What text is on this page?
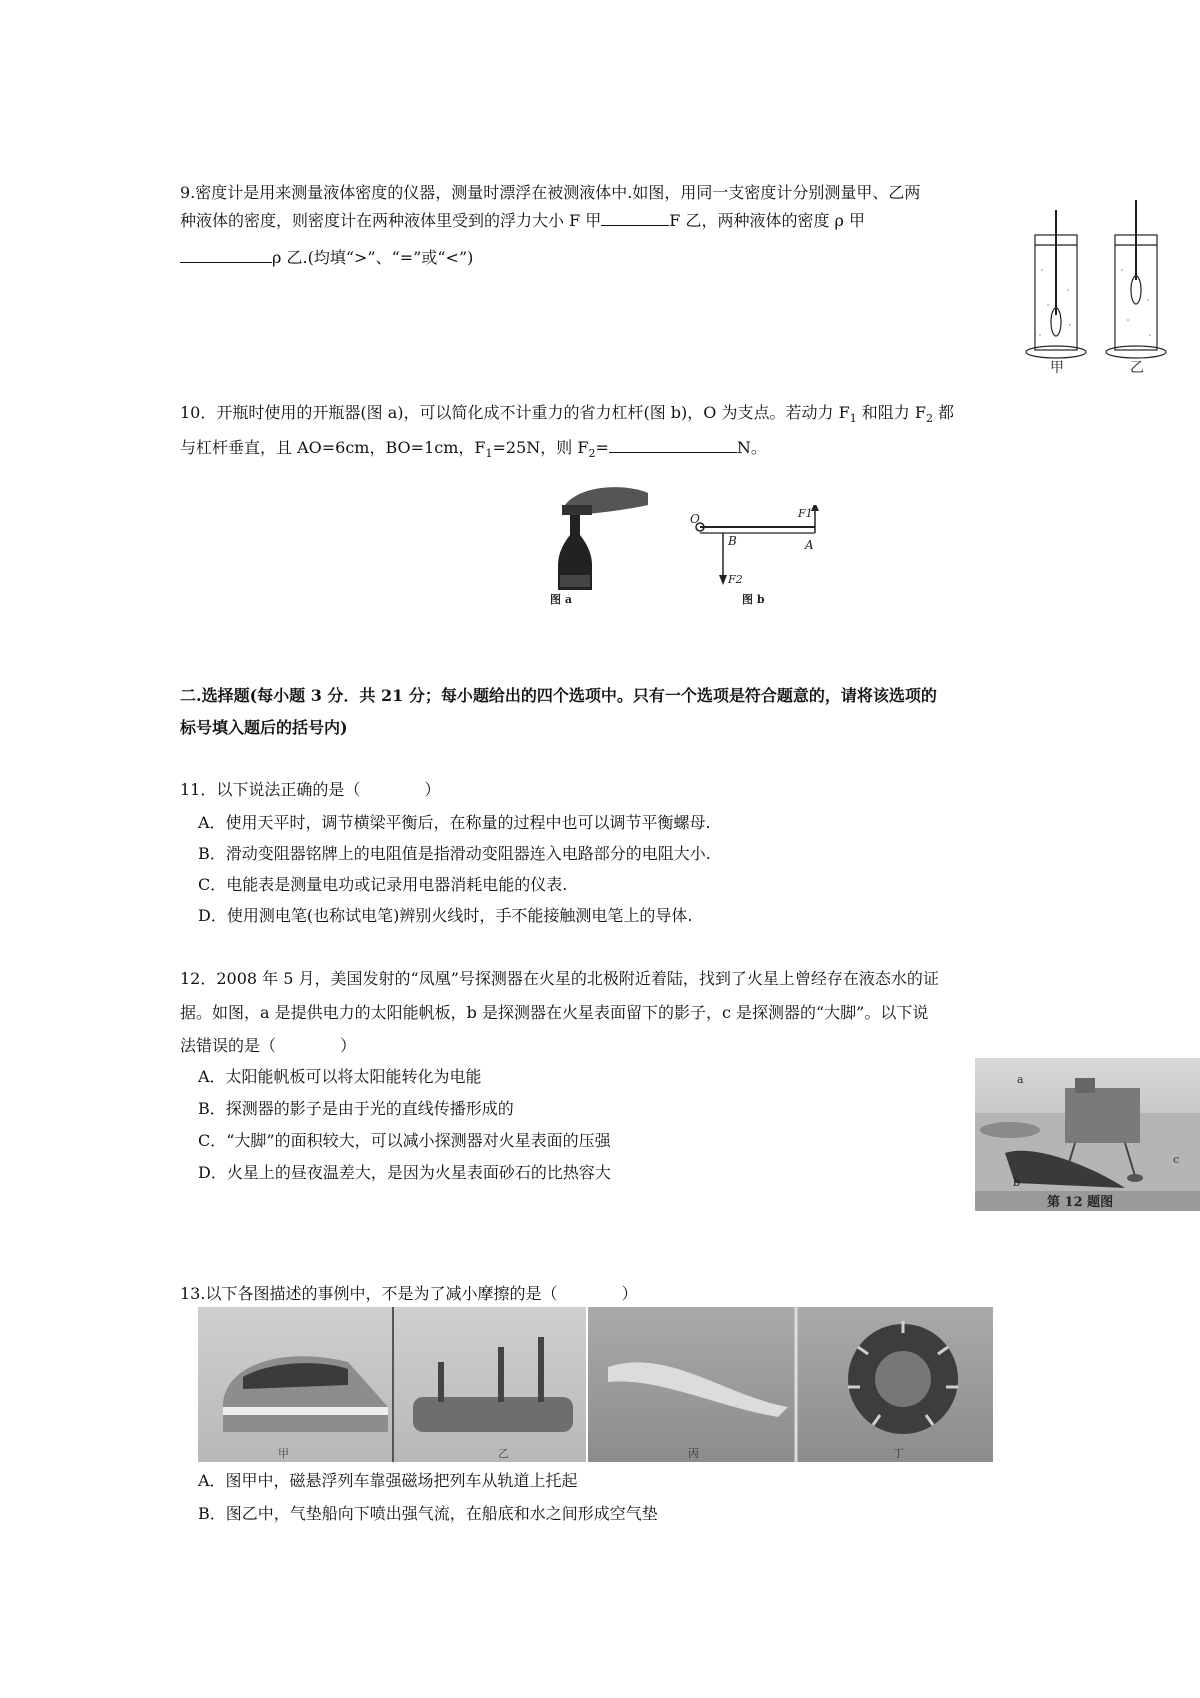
9.密度计是用来测量液体密度的仪器，测量时漂浮在被测液体中.如图，用同一支密度计分别测量甲、乙两
种液体的密度，则密度计在两种液体里受到的浮力大小 F 甲	F 乙，两种液体的密度 ρ 甲
ρ 乙.(均填“>”、“=”或“<”)
甲	乙
10．开瓶时使用的开瓶器(图 a)，可以简化成不计重力的省力杠杆(图 b)，O 为支点。若动力 $F_1$ 和阻力 $F_2$ 都
与杠杆垂直，且 AO=6cm，BO=1cm，$F_1=25N$，则 $F_2=$	N。
图 a
O
B
F2
F1
A
图 b
二.选择题(每小题 3 分．共 21 分；每小题给出的四个选项中。只有一个选项是符合题意的，请将该选项的
标号填入题后的括号内)
11．以下说法正确的是（　　　　）
A．使用天平时，调节横梁平衡后，在称量的过程中也可以调节平衡螺母.
B．滑动变阻器铭牌上的电阻值是指滑动变阻器连入电路部分的电阻大小.
C．电能表是测量电功或记录用电器消耗电能的仪表.
D．使用测电笔(也称试电笔)辨别火线时，手不能接触测电笔上的导体.
12．2008 年 5 月，美国发射的“凤凰”号探测器在火星的北极附近着陆，找到了火星上曾经存在液态水的证
据。如图，a 是提供电力的太阳能帆板，b 是探测器在火星表面留下的影子，c 是探测器的“大脚”。以下说
法错误的是（　　　　）
A．太阳能帆板可以将太阳能转化为电能
B．探测器的影子是由于光的直线传播形成的
C．“大脚”的面积较大，可以减小探测器对火星表面的压强
D．火星上的昼夜温差大，是因为火星表面砂石的比热容大
a
b
c
第 12 题图
13.以下各图描述的事例中，不是为了减小摩擦的是（　　　　）
甲	乙	丙	丁
A．图甲中，磁悬浮列车靠强磁场把列车从轨道上托起
B．图乙中，气垫船向下喷出强气流，在船底和水之间形成空气垫
